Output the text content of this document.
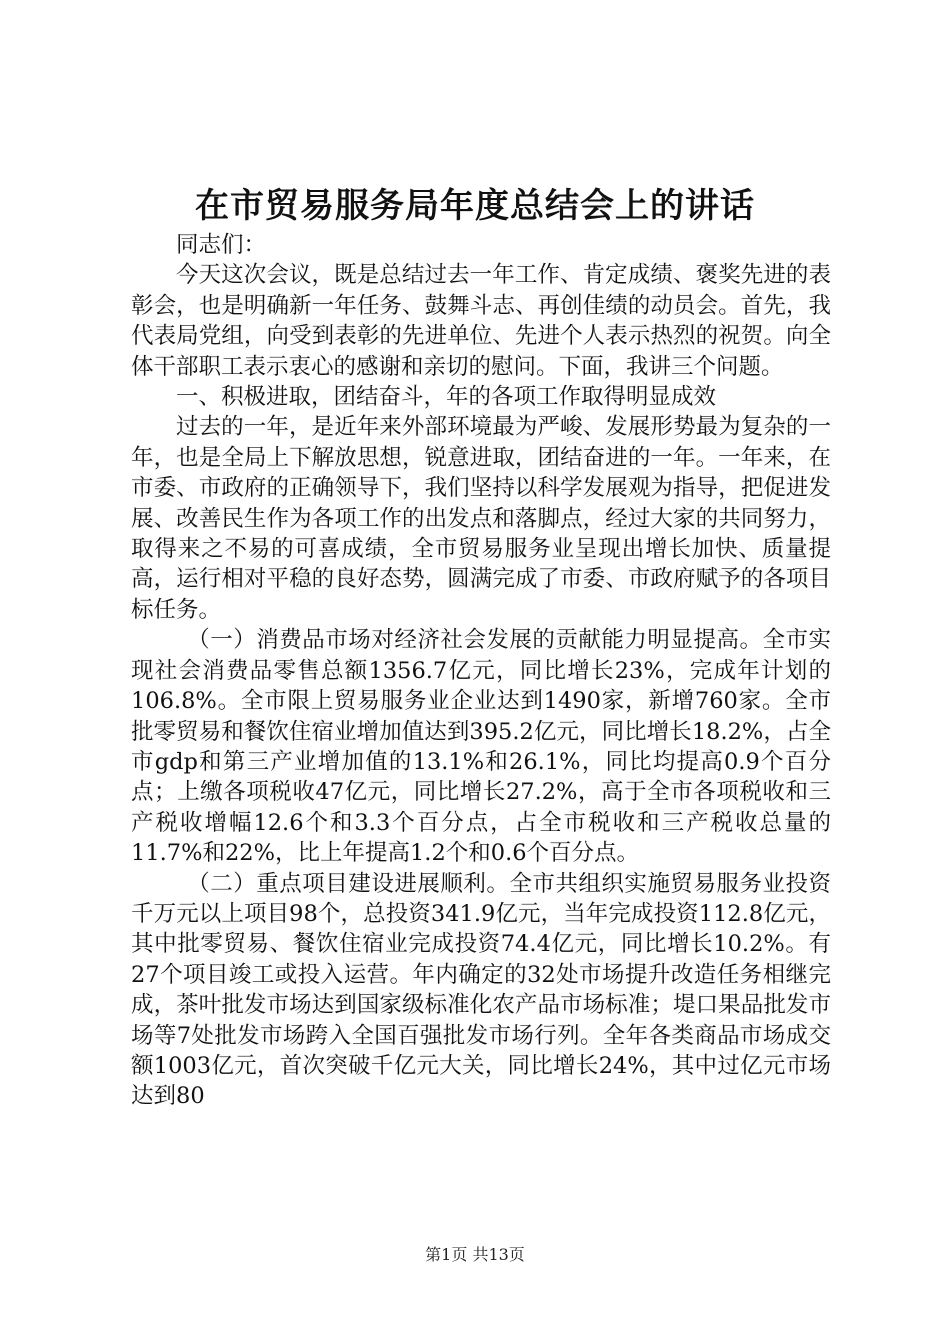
在市贸易服务局年度总结会上的讲话

同志们：

今天这次会议，既是总结过去一年工作、肯定成绩、褒奖先进的表彰会，也是明确新一年任务、鼓舞斗志、再创佳绩的动员会。首先，我代表局党组，向受到表彰的先进单位、先进个人表示热烈的祝贺。向全体干部职工表示衷心的感谢和亲切的慰问。下面，我讲三个问题。

一、积极进取，团结奋斗，年的各项工作取得明显成效

过去的一年，是近年来外部环境最为严峻、发展形势最为复杂的一年，也是全局上下解放思想，锐意进取，团结奋进的一年。一年来，在市委、市政府的正确领导下，我们坚持以科学发展观为指导，把促进发展、改善民生作为各项工作的出发点和落脚点，经过大家的共同努力，取得来之不易的可喜成绩，全市贸易服务业呈现出增长加快、质量提高，运行相对平稳的良好态势，圆满完成了市委、市政府赋予的各项目标任务。

（一）消费品市场对经济社会发展的贡献能力明显提高。全市实现社会消费品零售总额1356.7亿元，同比增长23%，完成年计划的106.8%。全市限上贸易服务业企业达到1490家，新增760家。全市批零贸易和餐饮住宿业增加值达到395.2亿元，同比增长18.2%，占全市gdp和第三产业增加值的13.1%和26.1%，同比均提高0.9个百分点；上缴各项税收47亿元，同比增长27.2%，高于全市各项税收和三产税收增幅12.6个和3.3个百分点，占全市税收和三产税收总量的11.7%和22%，比上年提高1.2个和0.6个百分点。

（二）重点项目建设进展顺利。全市共组织实施贸易服务业投资千万元以上项目98个，总投资341.9亿元，当年完成投资112.8亿元，其中批零贸易、餐饮住宿业完成投资74.4亿元，同比增长10.2%。有27个项目竣工或投入运营。年内确定的32处市场提升改造任务相继完成，茶叶批发市场达到国家级标准化农产品市场标准；堤口果品批发市场等7处批发市场跨入全国百强批发市场行列。全年各类商品市场成交额1003亿元，首次突破千亿元大关，同比增长24%，其中过亿元市场达到80

第1页 共13页
